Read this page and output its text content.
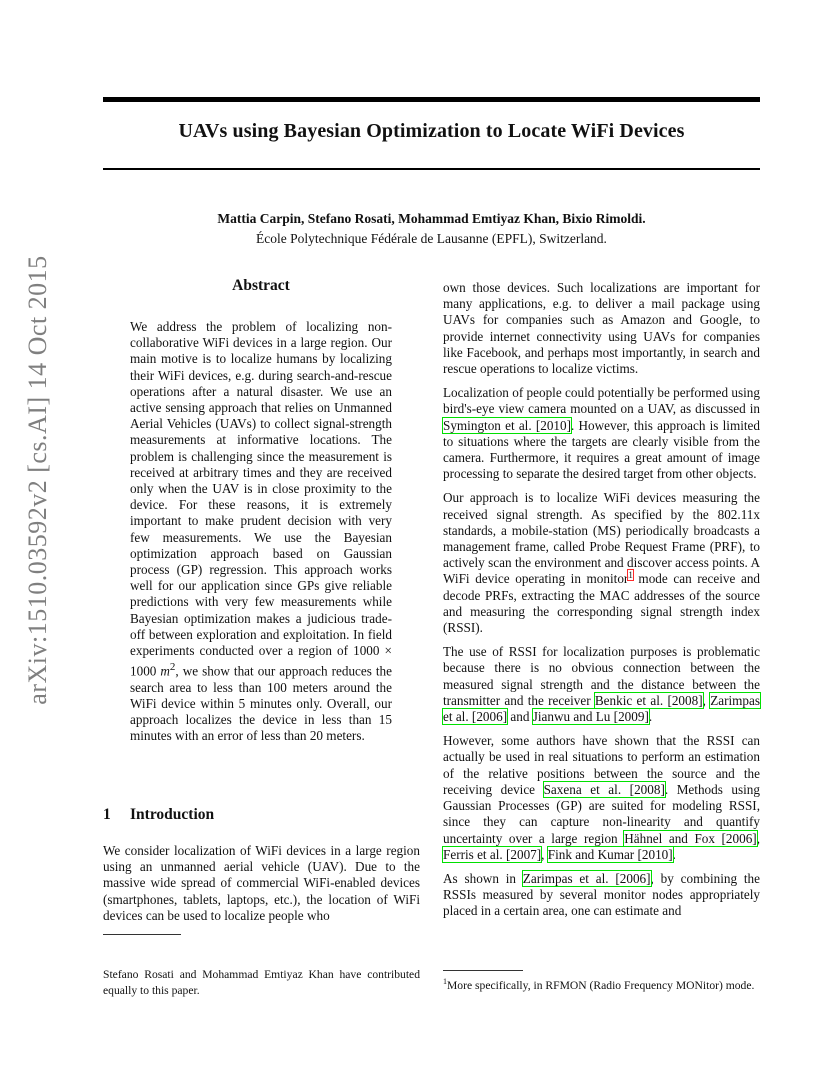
arXiv:1510.03592v2 [cs.AI] 14 Oct 2015
UAVs using Bayesian Optimization to Locate WiFi Devices
Mattia Carpin, Stefano Rosati, Mohammad Emtiyaz Khan, Bixio Rimoldi.
École Polytechnique Fédérale de Lausanne (EPFL), Switzerland.
Abstract
We address the problem of localizing non-collaborative WiFi devices in a large region. Our main motive is to localize humans by localizing their WiFi devices, e.g. during search-and-rescue operations after a natural disaster. We use an active sensing approach that relies on Unmanned Aerial Vehicles (UAVs) to collect signal-strength measurements at informative locations. The problem is challenging since the measurement is received at arbitrary times and they are received only when the UAV is in close proximity to the device. For these reasons, it is extremely important to make prudent decision with very few measurements. We use the Bayesian optimization approach based on Gaussian process (GP) regression. This approach works well for our application since GPs give reliable predictions with very few measurements while Bayesian optimization makes a judicious trade-off between exploration and exploitation. In field experiments conducted over a region of 1000 × 1000 $m^2$, we show that our approach reduces the search area to less than 100 meters around the WiFi device within 5 minutes only. Overall, our approach localizes the device in less than 15 minutes with an error of less than 20 meters.
1 Introduction
We consider localization of WiFi devices in a large region using an unmanned aerial vehicle (UAV). Due to the massive wide spread of commercial WiFi-enabled devices (smartphones, tablets, laptops, etc.), the location of WiFi devices can be used to localize people who
Stefano Rosati and Mohammad Emtiyaz Khan have contributed equally to this paper.

own those devices. Such localizations are important for many applications, e.g. to deliver a mail package using UAVs for companies such as Amazon and Google, to provide internet connectivity using UAVs for companies like Facebook, and perhaps most importantly, in search and rescue operations to localize victims.

Localization of people could potentially be performed using bird's-eye view camera mounted on a UAV, as discussed in Symington et al. [2010]. However, this approach is limited to situations where the targets are clearly visible from the camera. Furthermore, it requires a great amount of image processing to separate the desired target from other objects.

Our approach is to localize WiFi devices measuring the received signal strength. As specified by the 802.11x standards, a mobile-station (MS) periodically broadcasts a management frame, called Probe Request Frame (PRF), to actively scan the environment and discover access points. A WiFi device operating in monitor$^1$ mode can receive and decode PRFs, extracting the MAC addresses of the source and measuring the corresponding signal strength index (RSSI).

The use of RSSI for localization purposes is problematic because there is no obvious connection between the measured signal strength and the distance between the transmitter and the receiver Benkic et al. [2008], Zarimpas et al. [2006] and Jianwu and Lu [2009].

However, some authors have shown that the RSSI can actually be used in real situations to perform an estimation of the relative positions between the source and the receiving device Saxena et al. [2008]. Methods using Gaussian Processes (GP) are suited for modeling RSSI, since they can capture non-linearity and quantify uncertainty over a large region Hähnel and Fox [2006], Ferris et al. [2007], Fink and Kumar [2010].

As shown in Zarimpas et al. [2006], by combining the RSSIs measured by several monitor nodes appropriately placed in a certain area, one can estimate and

$^1$More specifically, in RFMON (Radio Frequency MONitor) mode.
